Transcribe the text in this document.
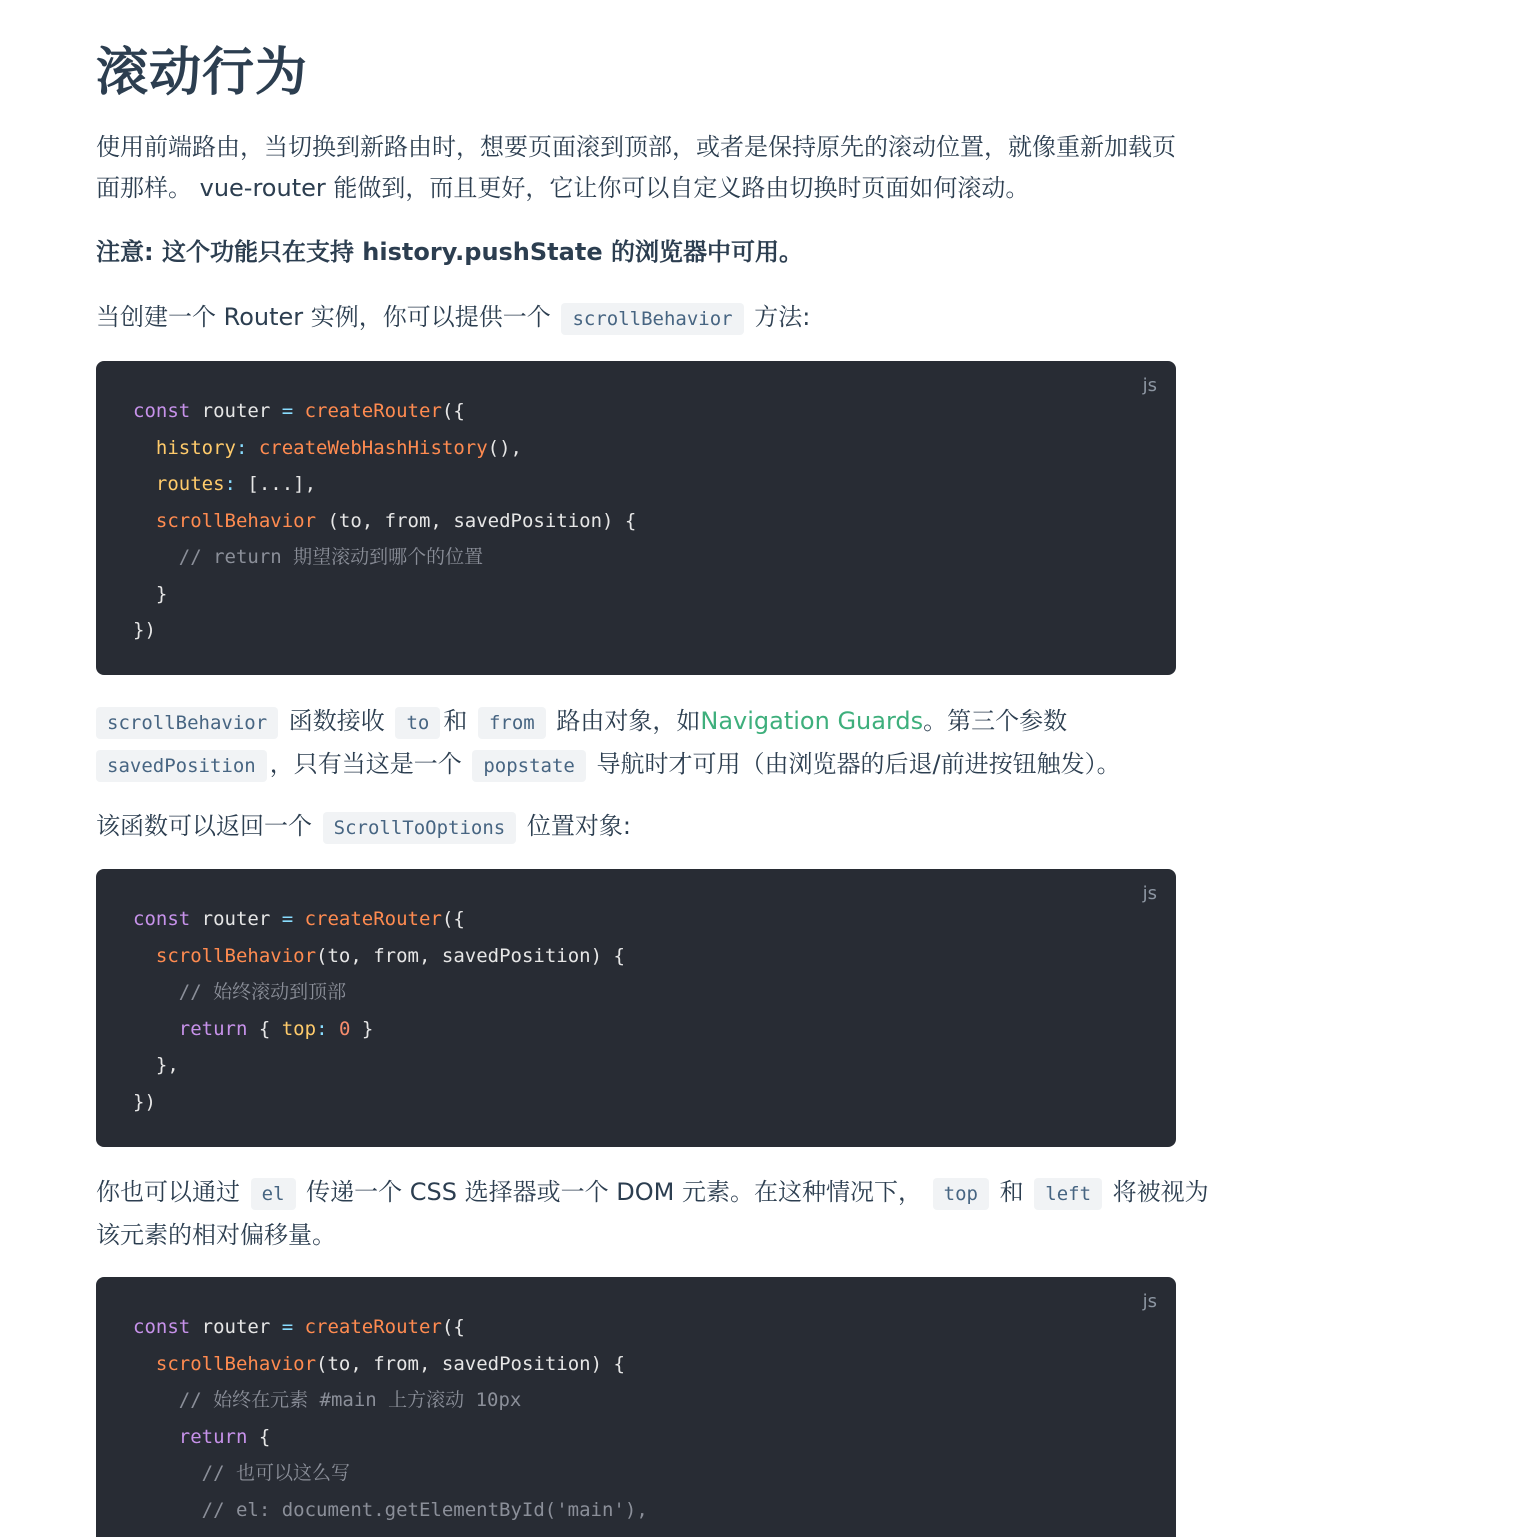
滚动行为

使用前端路由，当切换到新路由时，想要页面滚到顶部，或者是保持原先的滚动位置，就像重新加载页
面那样。 vue-router 能做到，而且更好，它让你可以自定义路由切换时页面如何滚动。

注意: 这个功能只在支持 history.pushState 的浏览器中可用。

当创建一个 Router 实例，你可以提供一个 scrollBehavior 方法:

js
const router = createRouter({
history: createWebHashHistory(),
routes: [...],
scrollBehavior (to, from, savedPosition) {
// return 期望滚动到哪个的位置
}
})

scrollBehavior 函数接收 to 和 from 路由对象，如Navigation Guards。第三个参数
savedPosition ，只有当这是一个 popstate 导航时才可用（由浏览器的后退/前进按钮触发）。

该函数可以返回一个 ScrollToOptions 位置对象:

js
const router = createRouter({
scrollBehavior(to, from, savedPosition) {
// 始终滚动到顶部
return { top: 0 }
},
})

你也可以通过 el 传递一个 CSS 选择器或一个 DOM 元素。在这种情况下， top 和 left 将被视为
该元素的相对偏移量。

js
const router = createRouter({
scrollBehavior(to, from, savedPosition) {
// 始终在元素 #main 上方滚动 10px
return {
// 也可以这么写
// el: document.getElementById('main'),
